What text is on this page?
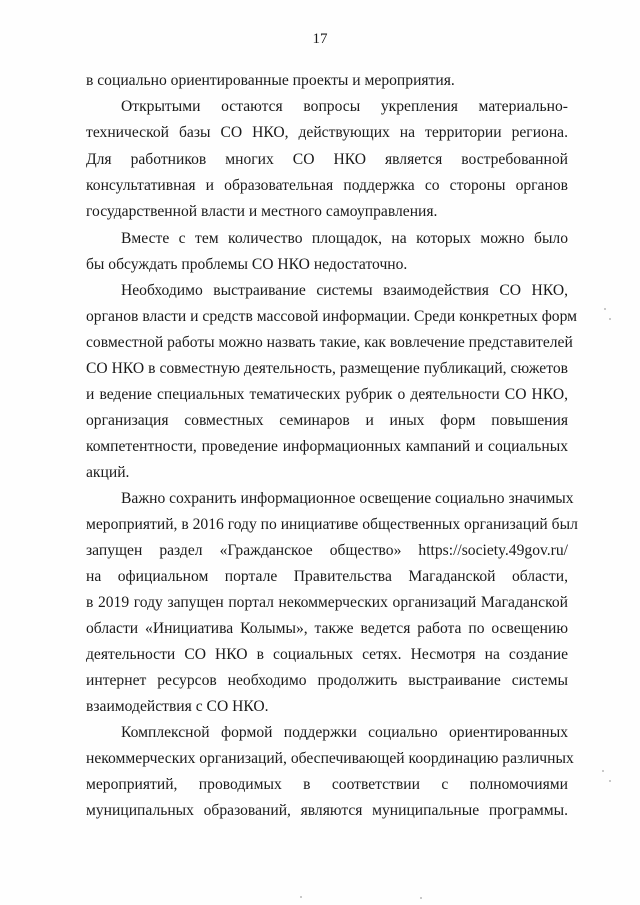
17
в социально ориентированные проекты и мероприятия.
Открытыми остаются вопросы укрепления материально-
технической базы СО НКО, действующих на территории региона.
Для работников многих СО НКО является востребованной
консультативная и образовательная поддержка со стороны органов
государственной власти и местного самоуправления.
Вместе с тем количество площадок, на которых можно было
бы обсуждать проблемы СО НКО недостаточно.
Необходимо выстраивание системы взаимодействия СО НКО,
органов власти и средств массовой информации. Среди конкретных форм
совместной работы можно назвать такие, как вовлечение представителей
СО НКО в совместную деятельность, размещение публикаций, сюжетов
и ведение специальных тематических рубрик о деятельности СО НКО,
организация совместных семинаров и иных форм повышения
компетентности, проведение информационных кампаний и социальных
акций.
Важно сохранить информационное освещение социально значимых
мероприятий, в 2016 году по инициативе общественных организаций был
запущен раздел «Гражданское общество» https://society.49gov.ru/
на официальном портале Правительства Магаданской области,
в 2019 году запущен портал некоммерческих организаций Магаданской
области «Инициатива Колымы», также ведется работа по освещению
деятельности СО НКО в социальных сетях. Несмотря на создание
интернет ресурсов необходимо продолжить выстраивание системы
взаимодействия с СО НКО.
Комплексной формой поддержки социально ориентированных
некоммерческих организаций, обеспечивающей координацию различных
мероприятий, проводимых в соответствии с полномочиями
муниципальных образований, являются муниципальные программы.
